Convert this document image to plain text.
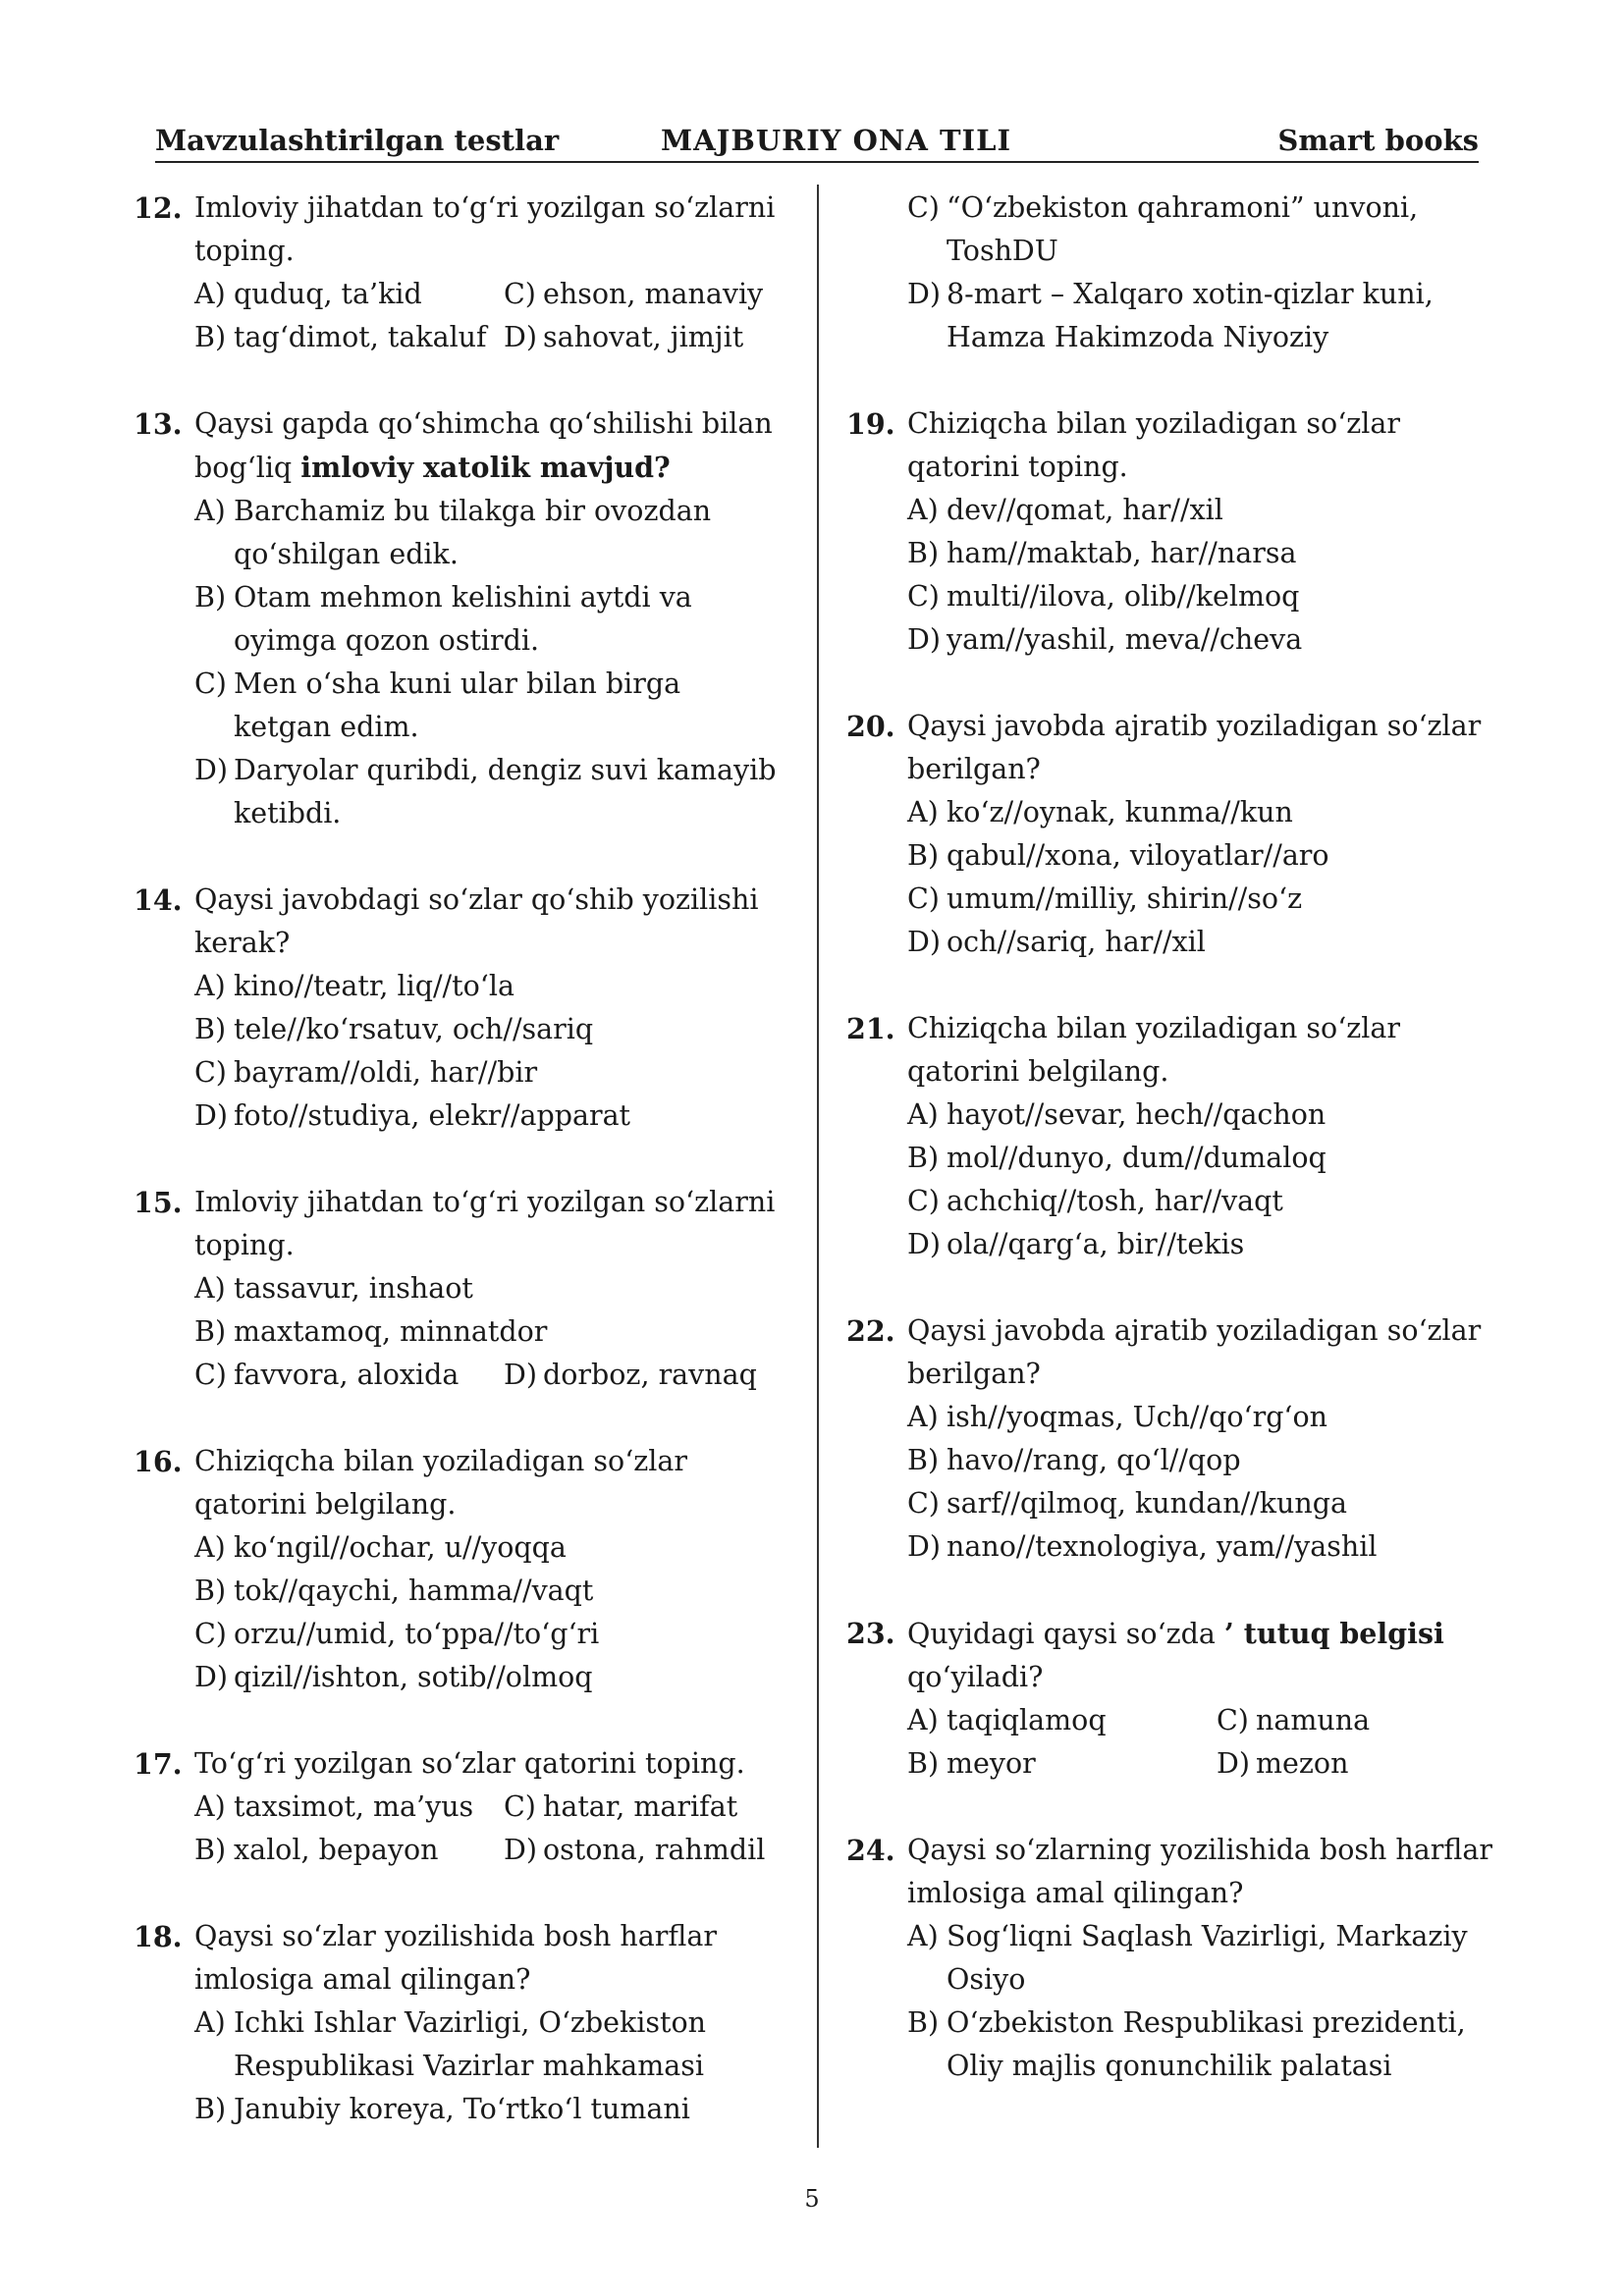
Mavzulashtirilgan testlar	MAJBURIY ONA TILI	Smart books
12. Imloviy jihatdan to‘g‘ri yozilgan so‘zlarni toping.
A) quduq, ta’kid	C) ehson, manaviy
B) tag‘dimot, takaluf D) sahovat, jimjit
13. Qaysi gapda qo‘shimcha qo‘shilishi bilan bog‘liq imloviy xatolik mavjud?
A) Barchamiz bu tilakga bir ovozdan qo‘shilgan edik.
B) Otam mehmon kelishini aytdi va oyimga qozon ostirdi.
C) Men o‘sha kuni ular bilan birga ketgan edim.
D) Daryolar quribdi, dengiz suvi kamayib ketibdi.
14. Qaysi javobdagi so‘zlar qo‘shib yozilishi kerak?
A) kino//teatr, liq//to‘la
B) tele//ko‘rsatuv, och//sariq
C) bayram//oldi, har//bir
D) foto//studiya, elekr//apparat
15. Imloviy jihatdan to‘g‘ri yozilgan so‘zlarni toping.
A) tassavur, inshaot
B) maxtamoq, minnatdor
C) favvora, aloxida	D) dorboz, ravnaq
16. Chiziqcha bilan yoziladigan so‘zlar qatorini belgilang.
A) ko‘ngil//ochar, u//yoqqa
B) tok//qaychi, hamma//vaqt
C) orzu//umid, to‘ppa//to‘g‘ri
D) qizil//ishton, sotib//olmoq
17. To‘g‘ri yozilgan so‘zlar qatorini toping.
A) taxsimot, ma’yus	C) hatar, marifat
B) xalol, bepayon	D) ostona, rahmdil
18. Qaysi so‘zlar yozilishida bosh harflar imlosiga amal qilingan?
A) Ichki Ishlar Vazirligi, O‘zbekiston Respublikasi Vazirlar mahkamasi
B) Janubiy koreya, To‘rtko‘l tumani
C) “O‘zbekiston qahramoni” unvoni, ToshDU
D) 8-mart – Xalqaro xotin-qizlar kuni, Hamza Hakimzoda Niyoziy
19. Chiziqcha bilan yoziladigan so‘zlar qatorini toping.
A) dev//qomat, har//xil
B) ham//maktab, har//narsa
C) multi//ilova, olib//kelmoq
D) yam//yashil, meva//cheva
20. Qaysi javobda ajratib yoziladigan so‘zlar berilgan?
A) ko‘z//oynak, kunma//kun
B) qabul//xona, viloyatlar//aro
C) umum//milliy, shirin//so‘z
D) och//sariq, har//xil
21. Chiziqcha bilan yoziladigan so‘zlar qatorini belgilang.
A) hayot//sevar, hech//qachon
B) mol//dunyo, dum//dumaloq
C) achchiq//tosh, har//vaqt
D) ola//qarg‘a, bir//tekis
22. Qaysi javobda ajratib yoziladigan so‘zlar berilgan?
A) ish//yoqmas, Uch//qo‘rg‘on
B) havo//rang, qo‘l//qop
C) sarf//qilmoq, kundan//kunga
D) nano//texnologiya, yam//yashil
23. Quyidagi qaysi so‘zda ’ tutuq belgisi
qo‘yiladi?
A) taqiqlamoq	C) namuna
B) meyor	D) mezon
24. Qaysi so‘zlarning yozilishida bosh harflar imlosiga amal qilingan?
A) Sog‘liqni Saqlash Vazirligi, Markaziy Osiyo
B) O‘zbekiston Respublikasi prezidenti, Oliy majlis qonunchilik palatasi
5
